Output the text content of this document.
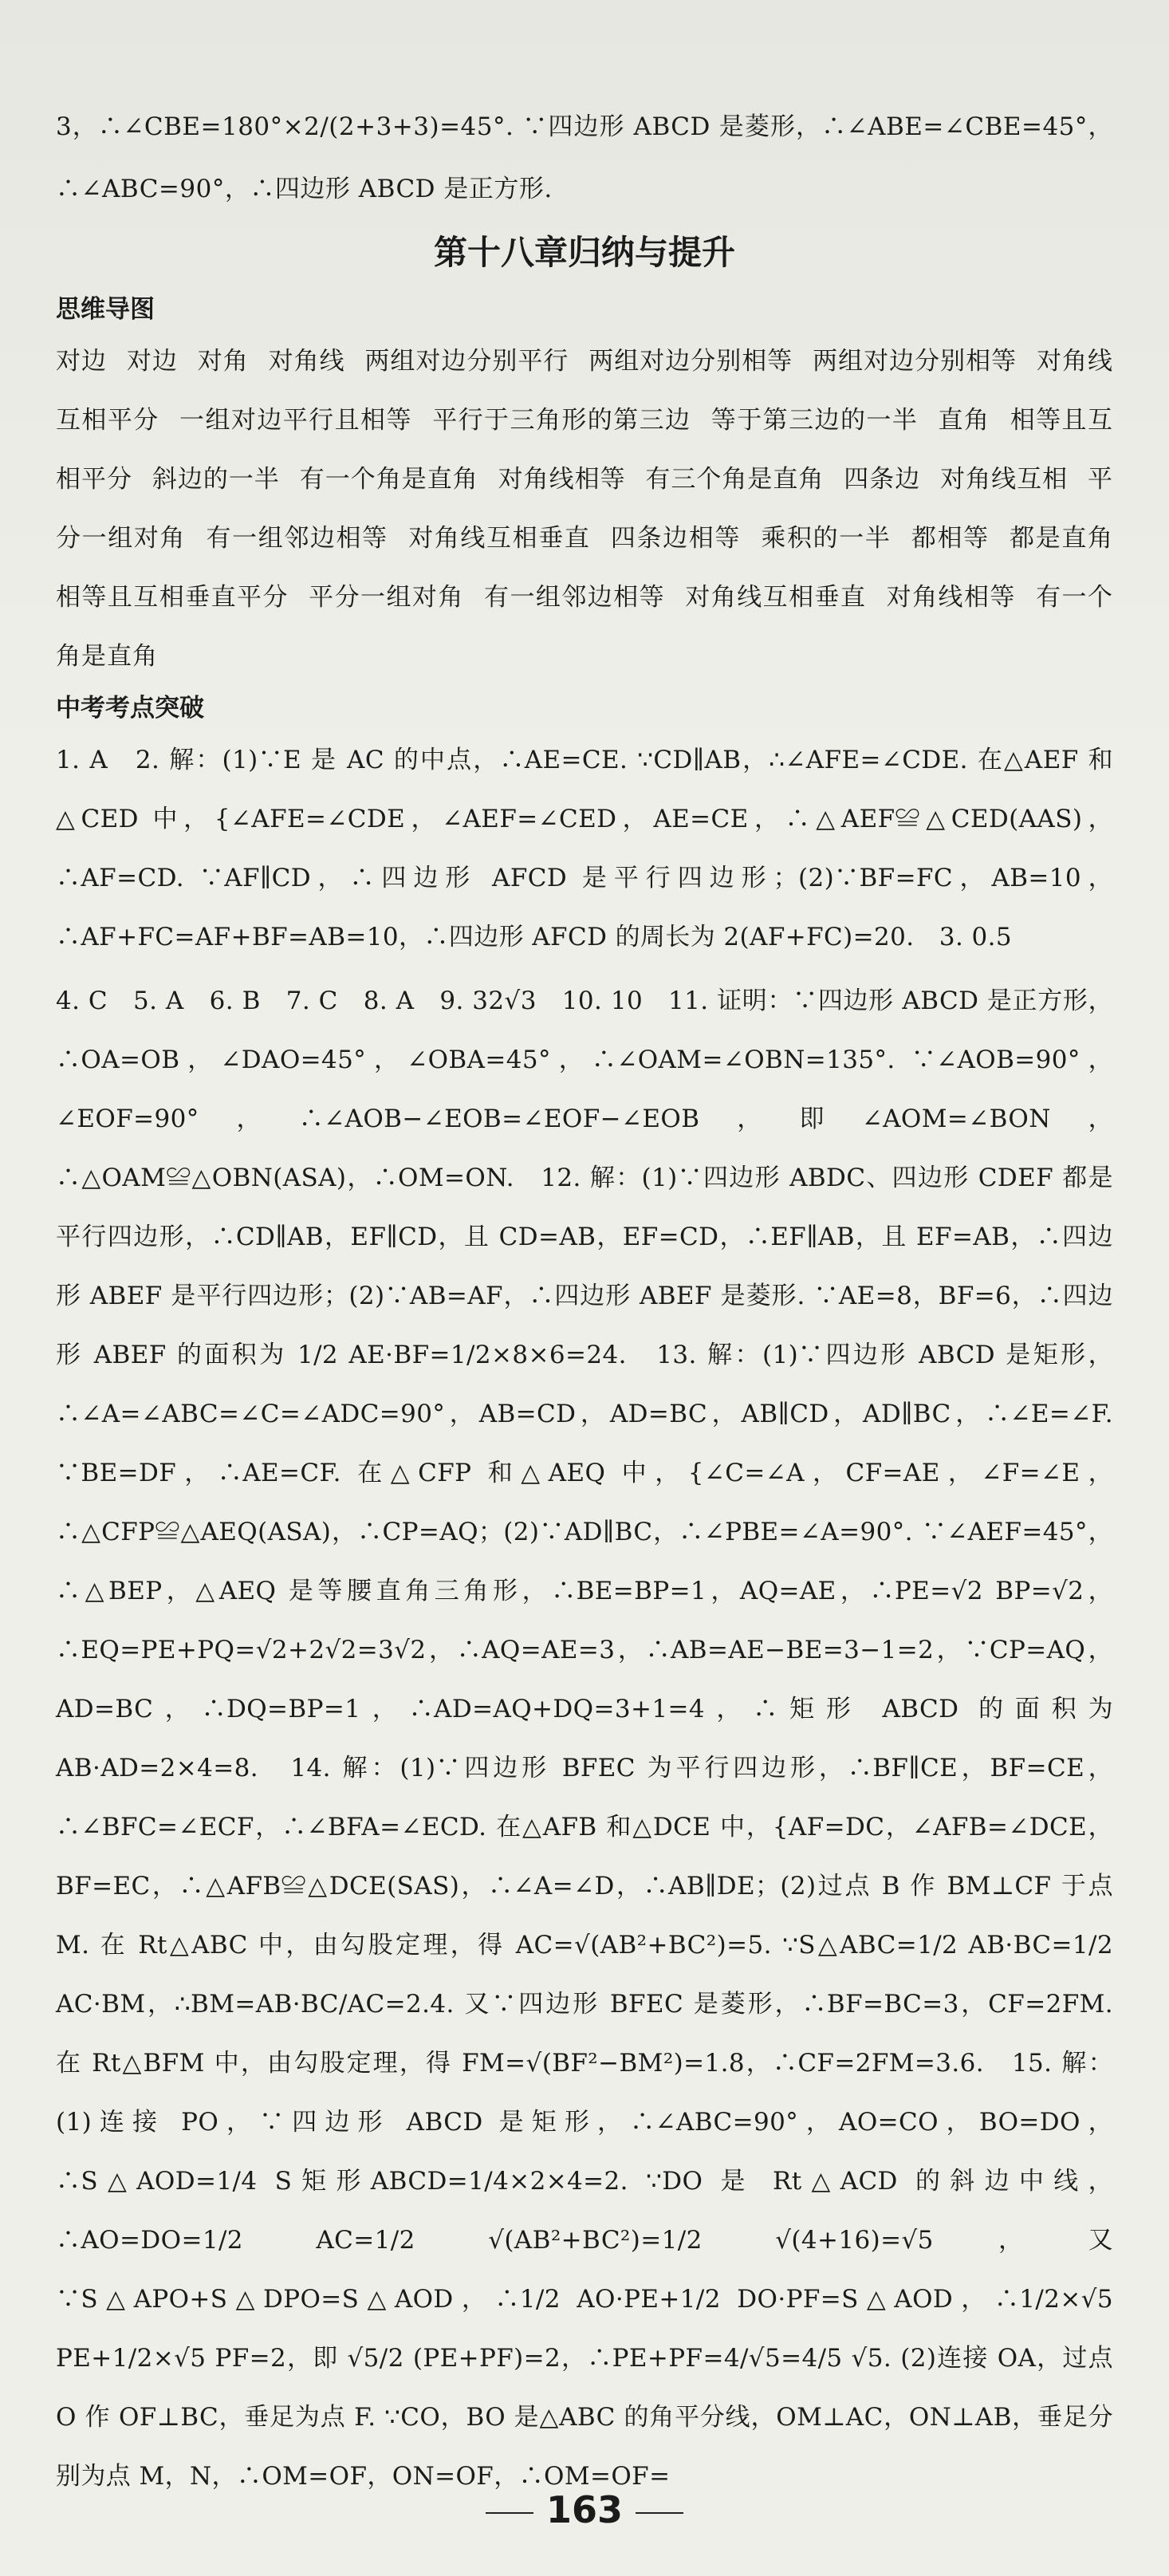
3，∴∠CBE=180°×2/(2+3+3)=45°. ∵四边形 ABCD 是菱形，∴∠ABE=∠CBE=45°，∴∠ABC=90°，∴四边形 ABCD 是正方形.

第十八章归纳与提升
思维导图

对边 对边 对角 对角线 两组对边分别平行 两组对边分别相等 两组对边分别相等 对角线互相平分 一组对边平行且相等 平行于三角形的第三边 等于第三边的一半 直角 相等且互相平分 斜边的一半 有一个角是直角 对角线相等 有三个角是直角 四条边 对角线互相 平分一组对角 有一组邻边相等 对角线互相垂直 四条边相等 乘积的一半 都相等 都是直角 相等且互相垂直平分 平分一组对角 有一组邻边相等 对角线互相垂直 对角线相等 有一个角是直角

中考考点突破

1. A　2. 解：(1)∵E 是 AC 的中点，∴AE=CE. ∵CD∥AB，∴∠AFE=∠CDE. 在△AEF 和△CED 中，{∠AFE=∠CDE，∠AEF=∠CED，AE=CE，∴△AEF≌△CED(AAS)，∴AF=CD. ∵AF∥CD，∴四边形 AFCD 是平行四边形；(2)∵BF=FC，AB=10，∴AF+FC=AF+BF=AB=10，∴四边形 AFCD 的周长为 2(AF+FC)=20.　3. 0.5

4. C　5. A　6. B　7. C　8. A　9. 32√3　10. 10　11. 证明：∵四边形 ABCD 是正方形，∴OA=OB，∠DAO=45°，∠OBA=45°，∴∠OAM=∠OBN=135°. ∵∠AOB=90°，∠EOF=90°，∴∠AOB−∠EOB=∠EOF−∠EOB，即∠AOM=∠BON，∴△OAM≌△OBN(ASA)，∴OM=ON.　12. 解：(1)∵四边形 ABDC、四边形 CDEF 都是平行四边形，∴CD∥AB，EF∥CD，且 CD=AB，EF=CD，∴EF∥AB，且 EF=AB，∴四边形 ABEF 是平行四边形；(2)∵AB=AF，∴四边形 ABEF 是菱形. ∵AE=8，BF=6，∴四边形 ABEF 的面积为 1/2 AE·BF=1/2×8×6=24.　13. 解：(1)∵四边形 ABCD 是矩形，∴∠A=∠ABC=∠C=∠ADC=90°，AB=CD，AD=BC，AB∥CD，AD∥BC，∴∠E=∠F. ∵BE=DF，∴AE=CF. 在△CFP 和△AEQ 中，{∠C=∠A，CF=AE，∠F=∠E，∴△CFP≌△AEQ(ASA)，∴CP=AQ；(2)∵AD∥BC，∴∠PBE=∠A=90°. ∵∠AEF=45°，∴△BEP，△AEQ 是等腰直角三角形，∴BE=BP=1，AQ=AE，∴PE=√2 BP=√2，∴EQ=PE+PQ=√2+2√2=3√2，∴AQ=AE=3，∴AB=AE−BE=3−1=2，∵CP=AQ，AD=BC，∴DQ=BP=1，∴AD=AQ+DQ=3+1=4，∴矩形 ABCD 的面积为 AB·AD=2×4=8.　14. 解：(1)∵四边形 BFEC 为平行四边形，∴BF∥CE，BF=CE，∴∠BFC=∠ECF，∴∠BFA=∠ECD. 在△AFB 和△DCE 中，{AF=DC，∠AFB=∠DCE，BF=EC，∴△AFB≌△DCE(SAS)，∴∠A=∠D，∴AB∥DE；(2)过点 B 作 BM⊥CF 于点 M. 在 Rt△ABC 中，由勾股定理，得 AC=√(AB²+BC²)=5. ∵S△ABC=1/2 AB·BC=1/2 AC·BM，∴BM=AB·BC/AC=2.4. 又∵四边形 BFEC 是菱形，∴BF=BC=3，CF=2FM. 在 Rt△BFM 中，由勾股定理，得 FM=√(BF²−BM²)=1.8，∴CF=2FM=3.6.　15. 解：(1)连接 PO，∵四边形 ABCD 是矩形，∴∠ABC=90°，AO=CO，BO=DO，∴S△AOD=1/4 S矩形ABCD=1/4×2×4=2. ∵DO 是 Rt△ACD 的斜边中线，∴AO=DO=1/2 AC=1/2 √(AB²+BC²)=1/2 √(4+16)=√5，又∵S△APO+S△DPO=S△AOD，∴1/2 AO·PE+1/2 DO·PF=S△AOD，∴1/2×√5 PE+1/2×√5 PF=2，即 √5/2 (PE+PF)=2，∴PE+PF=4/√5=4/5 √5. (2)连接 OA，过点 O 作 OF⊥BC，垂足为点 F. ∵CO，BO 是△ABC 的角平分线，OM⊥AC，ON⊥AB，垂足分别为点 M，N，∴OM=OF，ON=OF，∴OM=OF=

163
